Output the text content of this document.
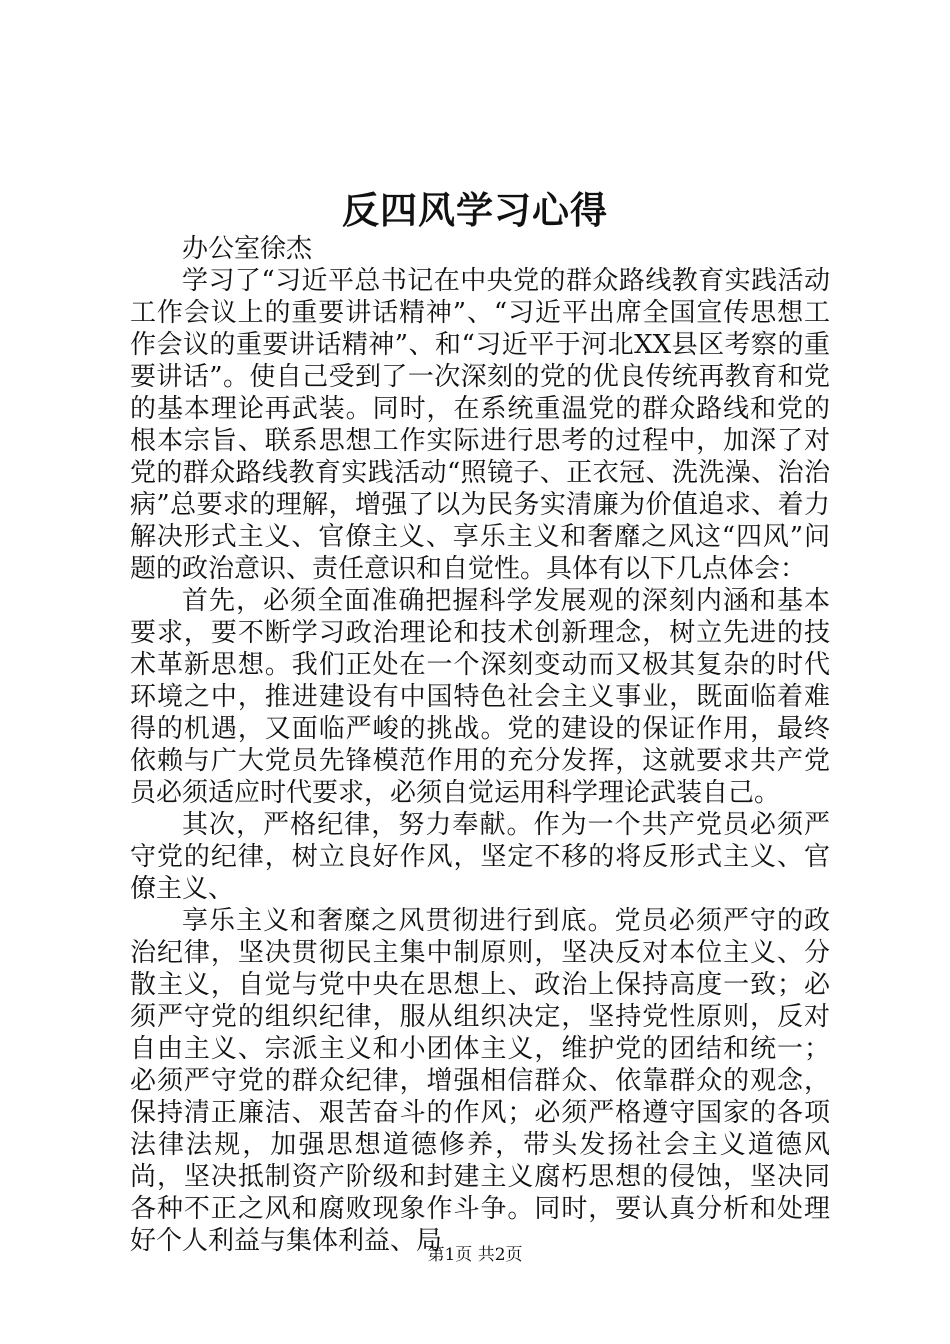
反四风学习心得

办公室徐杰

学习了“习近平总书记在中央党的群众路线教育实践活动工作会议上的重要讲话精神”、“习近平出席全国宣传思想工作会议的重要讲话精神”、和“习近平于河北XX县区考察的重要讲话”。使自己受到了一次深刻的党的优良传统再教育和党的基本理论再武装。同时，在系统重温党的群众路线和党的根本宗旨、联系思想工作实际进行思考的过程中，加深了对党的群众路线教育实践活动“照镜子、正衣冠、洗洗澡、治治病”总要求的理解，增强了以为民务实清廉为价值追求、着力解决形式主义、官僚主义、享乐主义和奢靡之风这“四风”问题的政治意识、责任意识和自觉性。具体有以下几点体会：

首先，必须全面准确把握科学发展观的深刻内涵和基本要求，要不断学习政治理论和技术创新理念，树立先进的技术革新思想。我们正处在一个深刻变动而又极其复杂的时代环境之中，推进建设有中国特色社会主义事业，既面临着难得的机遇，又面临严峻的挑战。党的建设的保证作用，最终依赖与广大党员先锋模范作用的充分发挥，这就要求共产党员必须适应时代要求，必须自觉运用科学理论武装自己。

其次，严格纪律，努力奉献。作为一个共产党员必须严守党的纪律，树立良好作风，坚定不移的将反形式主义、官僚主义、

享乐主义和奢糜之风贯彻进行到底。党员必须严守的政治纪律，坚决贯彻民主集中制原则，坚决反对本位主义、分散主义，自觉与党中央在思想上、政治上保持高度一致；必须严守党的组织纪律，服从组织决定，坚持党性原则，反对自由主义、宗派主义和小团体主义，维护党的团结和统一；必须严守党的群众纪律，增强相信群众、依靠群众的观念，保持清正廉洁、艰苦奋斗的作风；必须严格遵守国家的各项法律法规，加强思想道德修养，带头发扬社会主义道德风尚，坚决抵制资产阶级和封建主义腐朽思想的侵蚀，坚决同各种不正之风和腐败现象作斗争。同时，要认真分析和处理好个人利益与集体利益、局

第1页 共2页
